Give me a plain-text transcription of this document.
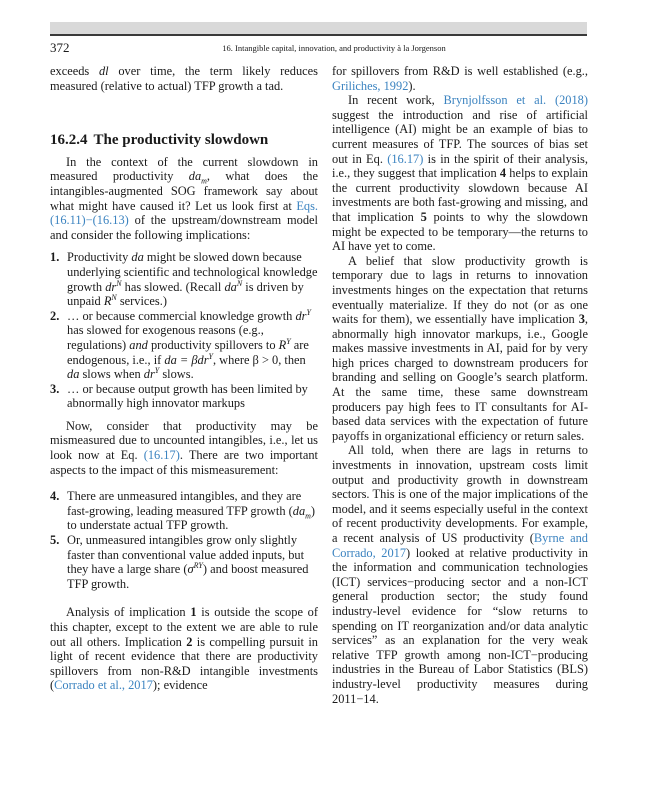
372	16. Intangible capital, innovation, and productivity à la Jorgenson

exceeds dl over time, the term likely reduces measured (relative to actual) TFP growth a tad.

16.2.4 The productivity slowdown

In the context of the current slowdown in measured productivity $da_m$, what does the intangibles-augmented SOG framework say about what might have caused it? Let us look first at Eqs. (16.11)−(16.13) of the upstream/downstream model and consider the following implications:

1. Productivity da might be slowed down because underlying scientific and technological knowledge growth $dr^N$ has slowed. (Recall $da^N$ is driven by unpaid $R^N$ services.)
2. … or because commercial knowledge growth $dr^Y$ has slowed for exogenous reasons (e.g., regulations) and productivity spillovers to $R^Y$ are endogenous, i.e., if da = βdr$^Y$, where β > 0, then da slows when $dr^Y$ slows.
3. … or because output growth has been limited by abnormally high innovator markups

Now, consider that productivity may be mismeasured due to uncounted intangibles, i.e., let us look now at Eq. (16.17). There are two important aspects to the impact of this mismeasurement:

4. There are unmeasured intangibles, and they are fast-growing, leading measured TFP growth $(da_m)$ to understate actual TFP growth.
5. Or, unmeasured intangibles grow only slightly faster than conventional value added inputs, but they have a large share $(\sigma^{RY})$ and boost measured TFP growth.

Analysis of implication 1 is outside the scope of this chapter, except to the extent we are able to rule out all others. Implication 2 is compelling pursuit in light of recent evidence that there are productivity spillovers from non-R&D intangible investments (Corrado et al., 2017); evidence

for spillovers from R&D is well established (e.g., Griliches, 1992).

In recent work, Brynjolfsson et al. (2018) suggest the introduction and rise of artificial intelligence (AI) might be an example of bias to current measures of TFP. The sources of bias set out in Eq. (16.17) is in the spirit of their analysis, i.e., they suggest that implication 4 helps to explain the current productivity slowdown because AI investments are both fast-growing and missing, and that implication 5 points to why the slowdown might be expected to be temporary—the returns to AI have yet to come.

A belief that slow productivity growth is temporary due to lags in returns to innovation investments hinges on the expectation that returns eventually materialize. If they do not (or as one waits for them), we essentially have implication 3, abnormally high innovator markups, i.e., Google makes massive investments in AI, paid for by very high prices charged to downstream producers for branding and selling on Google’s search platform. At the same time, these same downstream producers pay high fees to IT consultants for AI-based data services with the expectation of future payoffs in organizational efficiency or return sales.

All told, when there are lags in returns to investments in innovation, upstream costs limit output and productivity growth in downstream sectors. This is one of the major implications of the model, and it seems especially useful in the context of recent productivity developments. For example, a recent analysis of US productivity (Byrne and Corrado, 2017) looked at relative productivity in the information and communication technologies (ICT) services−producing sector and a non-ICT general production sector; the study found industry-level evidence for “slow returns to spending on IT reorganization and/or data analytic services” as an explanation for the very weak relative TFP growth among non-ICT−producing industries in the Bureau of Labor Statistics (BLS) industry-level productivity measures during 2011−14.
